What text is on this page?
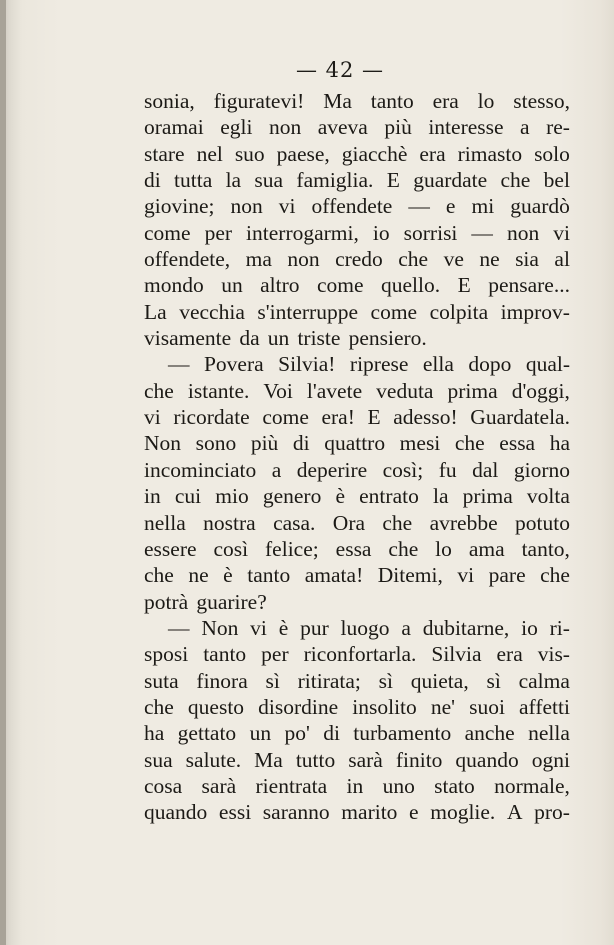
— 42 —
sonia, figuratevi! Ma tanto era lo stesso,
oramai egli non aveva più interesse a re-
stare nel suo paese, giacchè era rimasto solo
di tutta la sua famiglia. E guardate che bel
giovine; non vi offendete — e mi guardò
come per interrogarmi, io sorrisi — non vi
offendete, ma non credo che ve ne sia al
mondo un altro come quello. E pensare...
La vecchia s'interruppe come colpita improv-
visamente da un triste pensiero.
— Povera Silvia! riprese ella dopo qual-
che istante. Voi l'avete veduta prima d'oggi,
vi ricordate come era! E adesso! Guardatela.
Non sono più di quattro mesi che essa ha
incominciato a deperire così; fu dal giorno
in cui mio genero è entrato la prima volta
nella nostra casa. Ora che avrebbe potuto
essere così felice; essa che lo ama tanto,
che ne è tanto amata! Ditemi, vi pare che
potrà guarire?
— Non vi è pur luogo a dubitarne, io ri-
sposi tanto per riconfortarla. Silvia era vis-
suta finora sì ritirata; sì quieta, sì calma
che questo disordine insolito ne' suoi affetti
ha gettato un po' di turbamento anche nella
sua salute. Ma tutto sarà finito quando ogni
cosa sarà rientrata in uno stato normale,
quando essi saranno marito e moglie. A pro-
